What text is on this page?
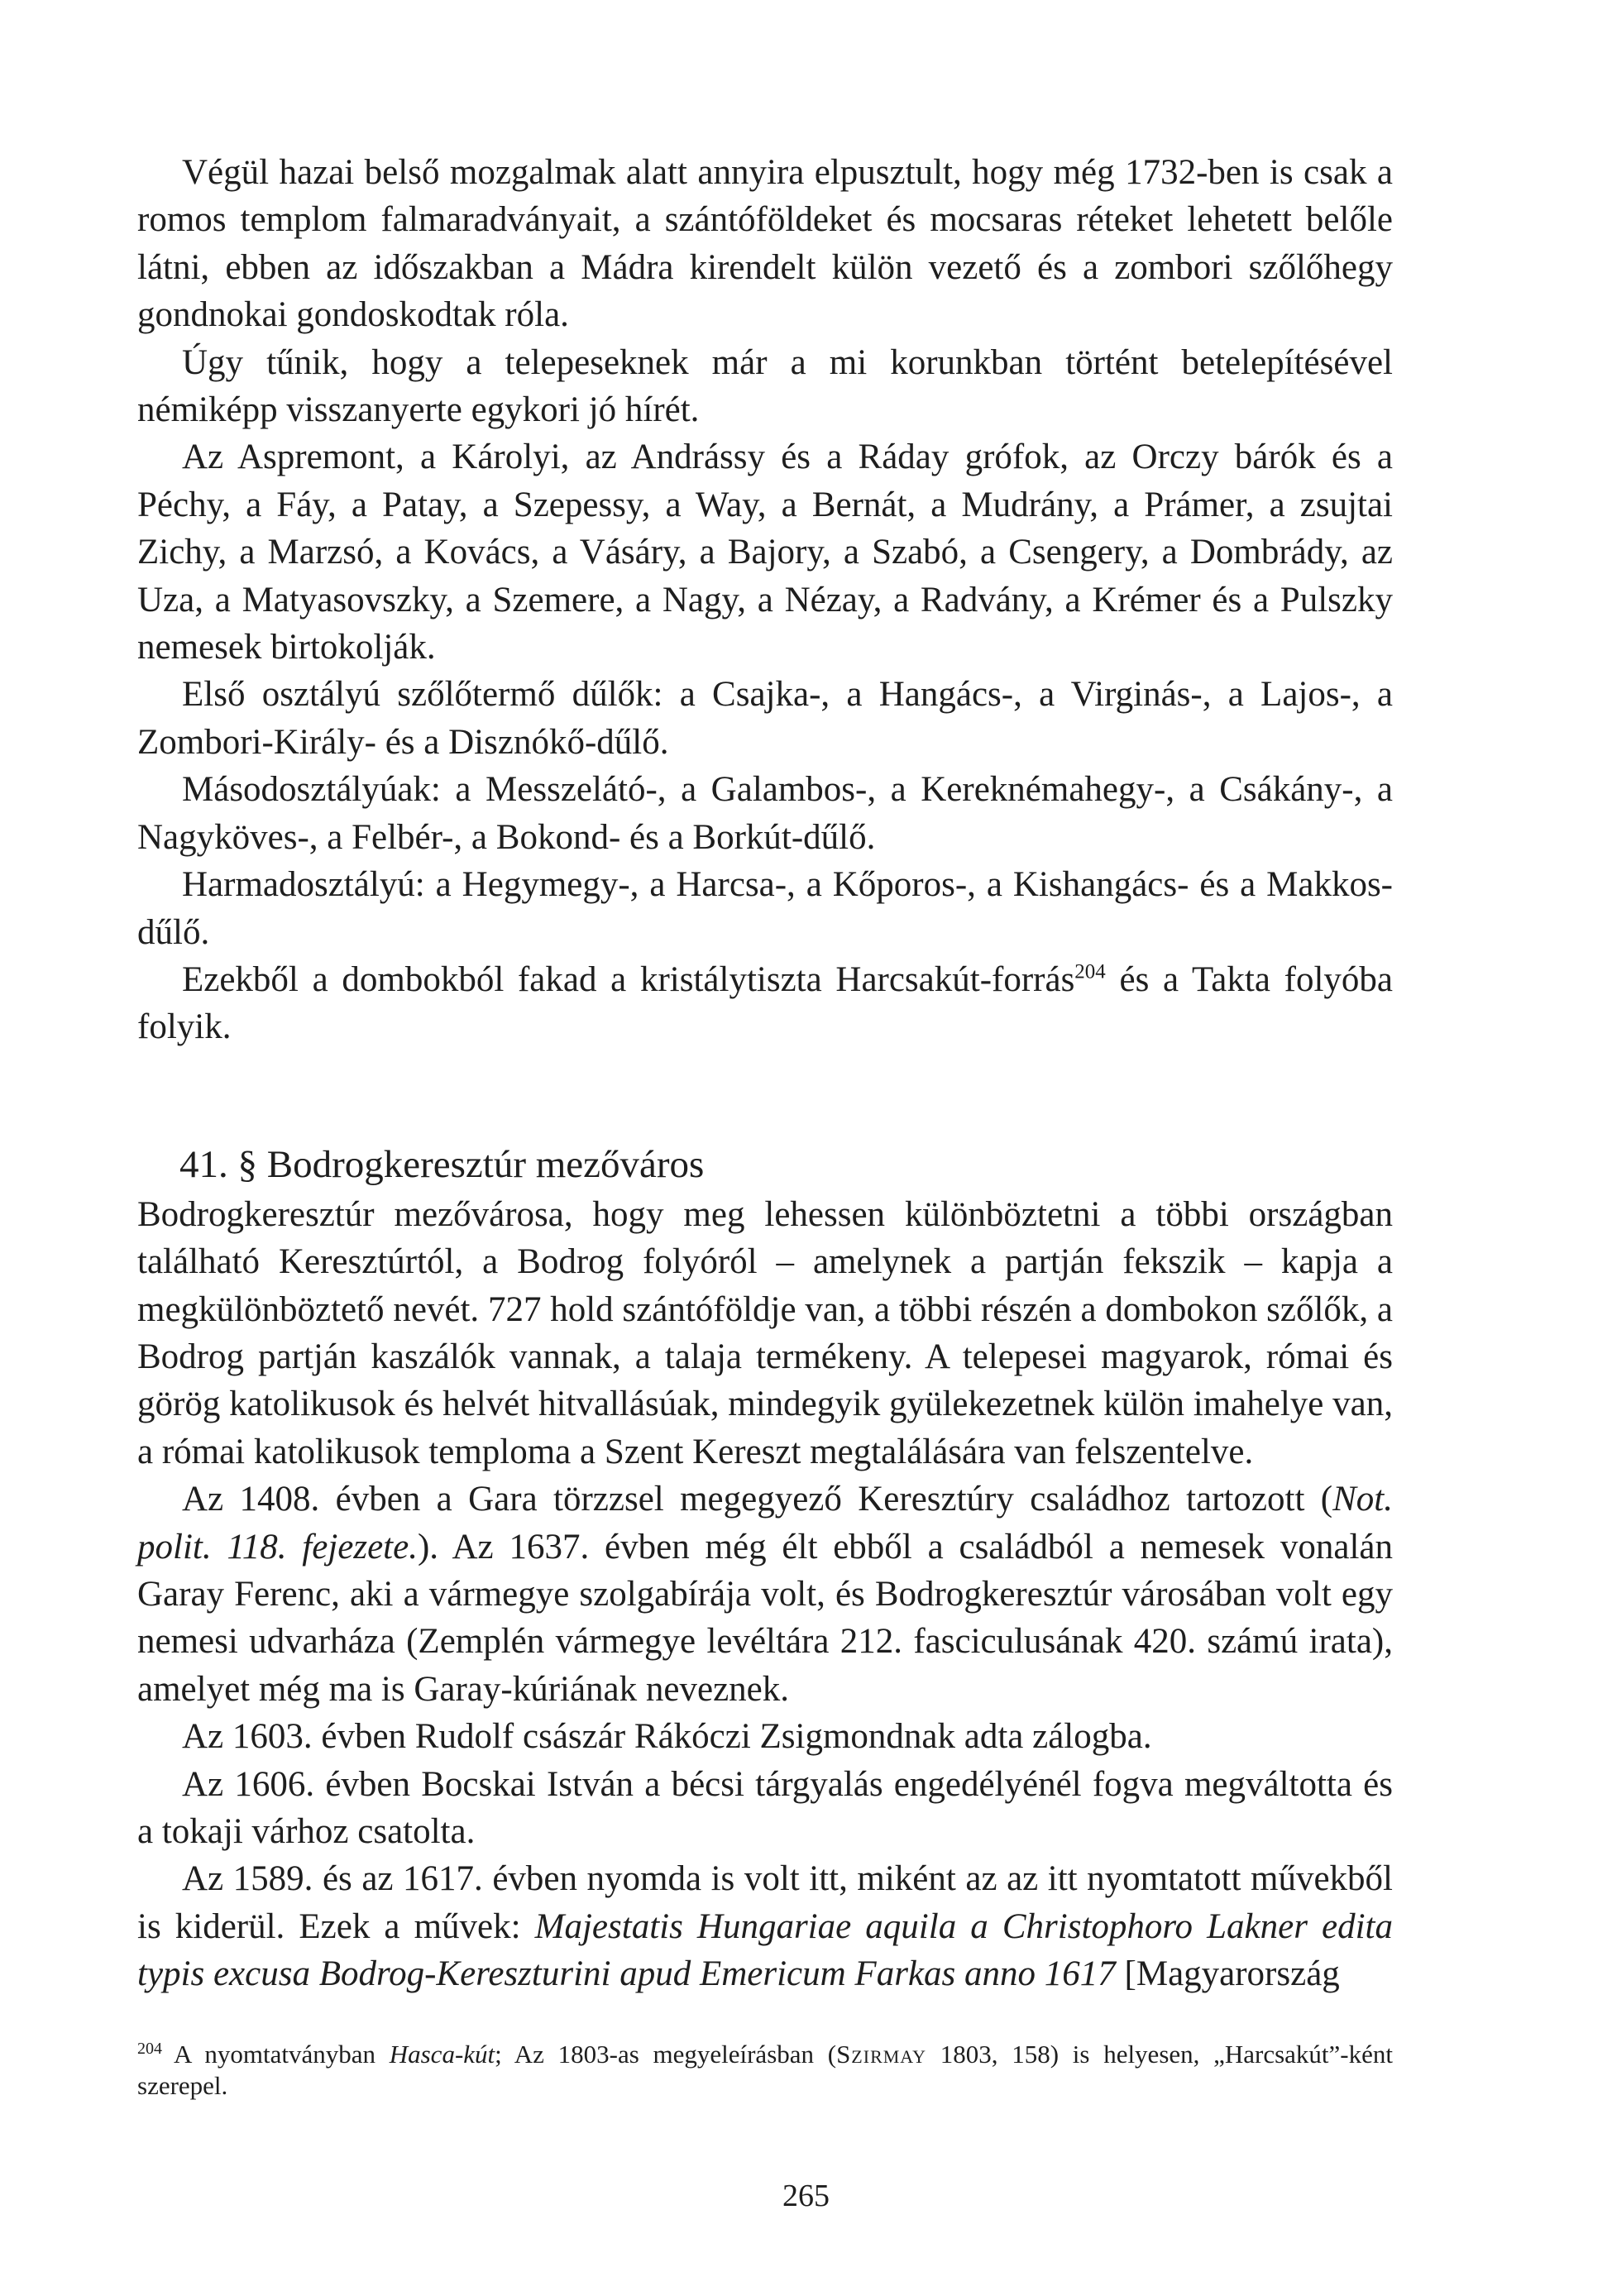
Végül hazai belső mozgalmak alatt annyira elpusztult, hogy még 1732-ben is csak a romos templom falmaradványait, a szántóföldeket és mocsaras réteket lehetett belőle látni, ebben az időszakban a Mádra kirendelt külön vezető és a zombori szőlőhegy gondnokai gondoskodtak róla.

Úgy tűnik, hogy a telepeseknek már a mi korunkban történt betelepítésével némiképp visszanyerte egykori jó hírét.

Az Aspremont, a Károlyi, az Andrássy és a Ráday grófok, az Orczy bárók és a Péchy, a Fáy, a Patay, a Szepessy, a Way, a Bernát, a Mudrány, a Prámer, a zsujtai Zichy, a Marzsó, a Kovács, a Vásáry, a Bajory, a Szabó, a Csengery, a Dombrády, az Uza, a Matyasovszky, a Szemere, a Nagy, a Nézay, a Radvány, a Krémer és a Pulszky nemesek birtokolják.

Első osztályú szőlőtermő dűlők: a Csajka-, a Hangács-, a Virginás-, a Lajos-, a Zombori-Király- és a Disznókő-dűlő.

Másodosztályúak: a Messzelátó-, a Galambos-, a Kereknémahegy-, a Csákány-, a Nagyköves-, a Felbér-, a Bokond- és a Borkút-dűlő.

Harmadosztályú: a Hegymegy-, a Harcsa-, a Kőporos-, a Kishangács- és a Makkos-dűlő.

Ezekből a dombokból fakad a kristálytiszta Harcsakút-forrás$^{204}$ és a Takta folyóba folyik.

41. § Bodrogkeresztúr mezőváros

Bodrogkeresztúr mezővárosa, hogy meg lehessen különböztetni a többi országban található Keresztúrtól, a Bodrog folyóról – amelynek a partján fekszik – kapja a megkülönböztető nevét. 727 hold szántóföldje van, a többi részén a dombokon szőlők, a Bodrog partján kaszálók vannak, a talaja termékeny. A telepesei magyarok, római és görög katolikusok és helvét hitvallásúak, mindegyik gyülekezetnek külön imahelye van, a római katolikusok temploma a Szent Kereszt megtalálására van felszentelve.

Az 1408. évben a Gara törzzsel megegyező Keresztúry családhoz tartozott (Not. polit. 118. fejezete.). Az 1637. évben még élt ebből a családból a nemesek vonalán Garay Ferenc, aki a vármegye szolgabírája volt, és Bodrogkeresztúr városában volt egy nemesi udvarháza (Zemplén vármegye levéltára 212. fasciculusának 420. számú irata), amelyet még ma is Garay-kúriának neveznek.

Az 1603. évben Rudolf császár Rákóczi Zsigmondnak adta zálogba.

Az 1606. évben Bocskai István a bécsi tárgyalás engedélyénél fogva megváltotta és a tokaji várhoz csatolta.

Az 1589. és az 1617. évben nyomda is volt itt, miként az az itt nyomtatott művekből is kiderül. Ezek a művek: Majestatis Hungariae aquila a Christophoro Lakner edita typis excusa Bodrog-Kereszturini apud Emericum Farkas anno 1617 [Magyarország

$^{204}$ A nyomtatványban Hasca-kút; Az 1803-as megyeleírásban (Szirmay 1803, 158) is helyesen, „Harcsakút”-ként szerepel.
265
